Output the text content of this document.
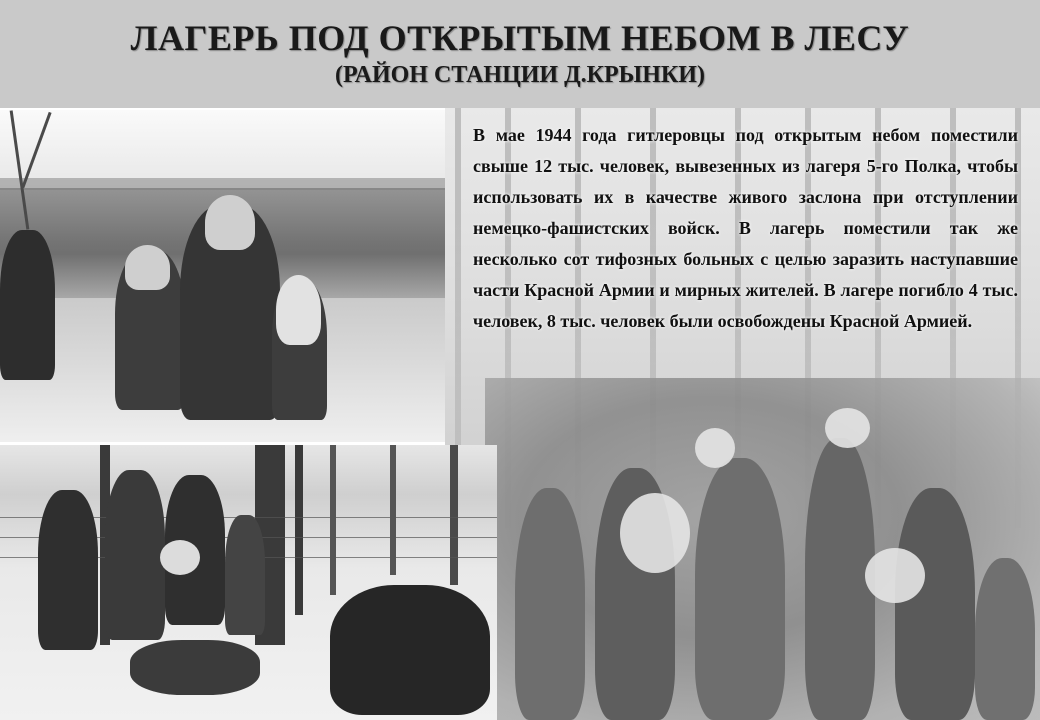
ЛАГЕРЬ ПОД ОТКРЫТЫМ НЕБОМ В ЛЕСУ
(РАЙОН СТАНЦИИ Д.КРЫНКИ)

В мае 1944 года гитлеровцы под открытым небом поместили свыше 12 тыс. человек, вывезенных из лагеря 5-го Полка, чтобы использовать их в качестве живого заслона при отступлении немецко-фашистских войск. В лагерь поместили так же несколько сот тифозных больных с целью заразить наступавшие части Красной Армии и мирных жителей. В лагере погибло 4 тыс. человек, 8 тыс. человек были освобождены Красной Армией.
